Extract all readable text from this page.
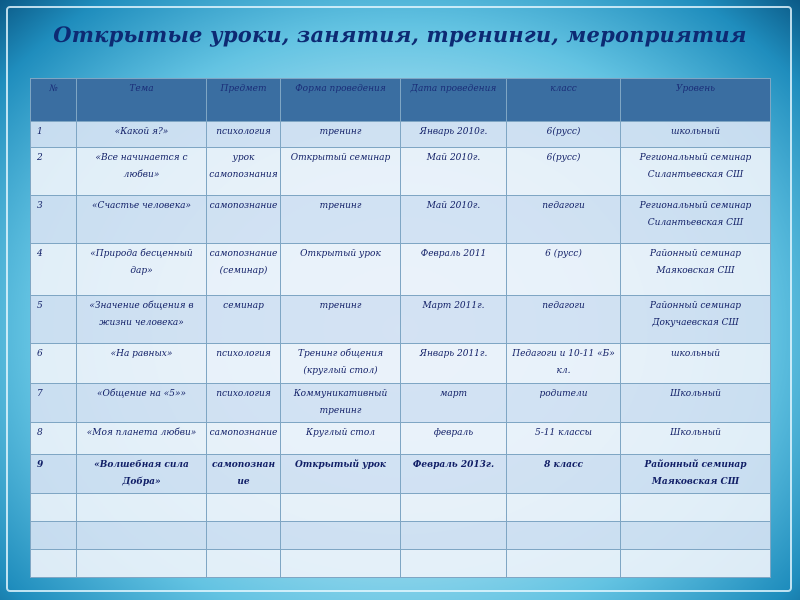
Открытые уроки, занятия, тренинги, мероприятия
№	Тема	Предмет	Форма проведения	Дата проведения	класс	Уровень
1	«Какой я?»	психология	тренинг	Январь 2010г.	6(русс)	школьный
2	«Все начинается с любви»	урок самопознания	Открытый семинар	Май 2010г.	6(русс)	Региональный семинар Силантьевская СШ
3	«Счастье человека»	самопознание	тренинг	Май 2010г.	педагоги	Региональный семинар Силантьевская СШ
4	«Природа бесценный дар»	самопознание(семинар)	Открытый урок	Февраль 2011	6 (русс)	Районный семинар Маяковская СШ
5	«Значение общения в жизни человека»	семинар	тренинг	Март 2011г.	педагоги	Районный семинар Докучаевская СШ
6	«На равных»	психология	Тренинг общения (круглый стол)	Январь 2011г.	Педагоги и 10-11 «Б» кл.	школьный
7	«Общение на «5»»	психология	Коммуникативный тренинг	март	родители	Школьный
8	«Моя планета любви»	самопознание	Круглый стол	февраль	5-11 классы	Школьный
9	«Волшебная сила Добра»	самопознание	Открытый урок	Февраль 2013г.	8 класс	Районный семинар Маяковская СШ
